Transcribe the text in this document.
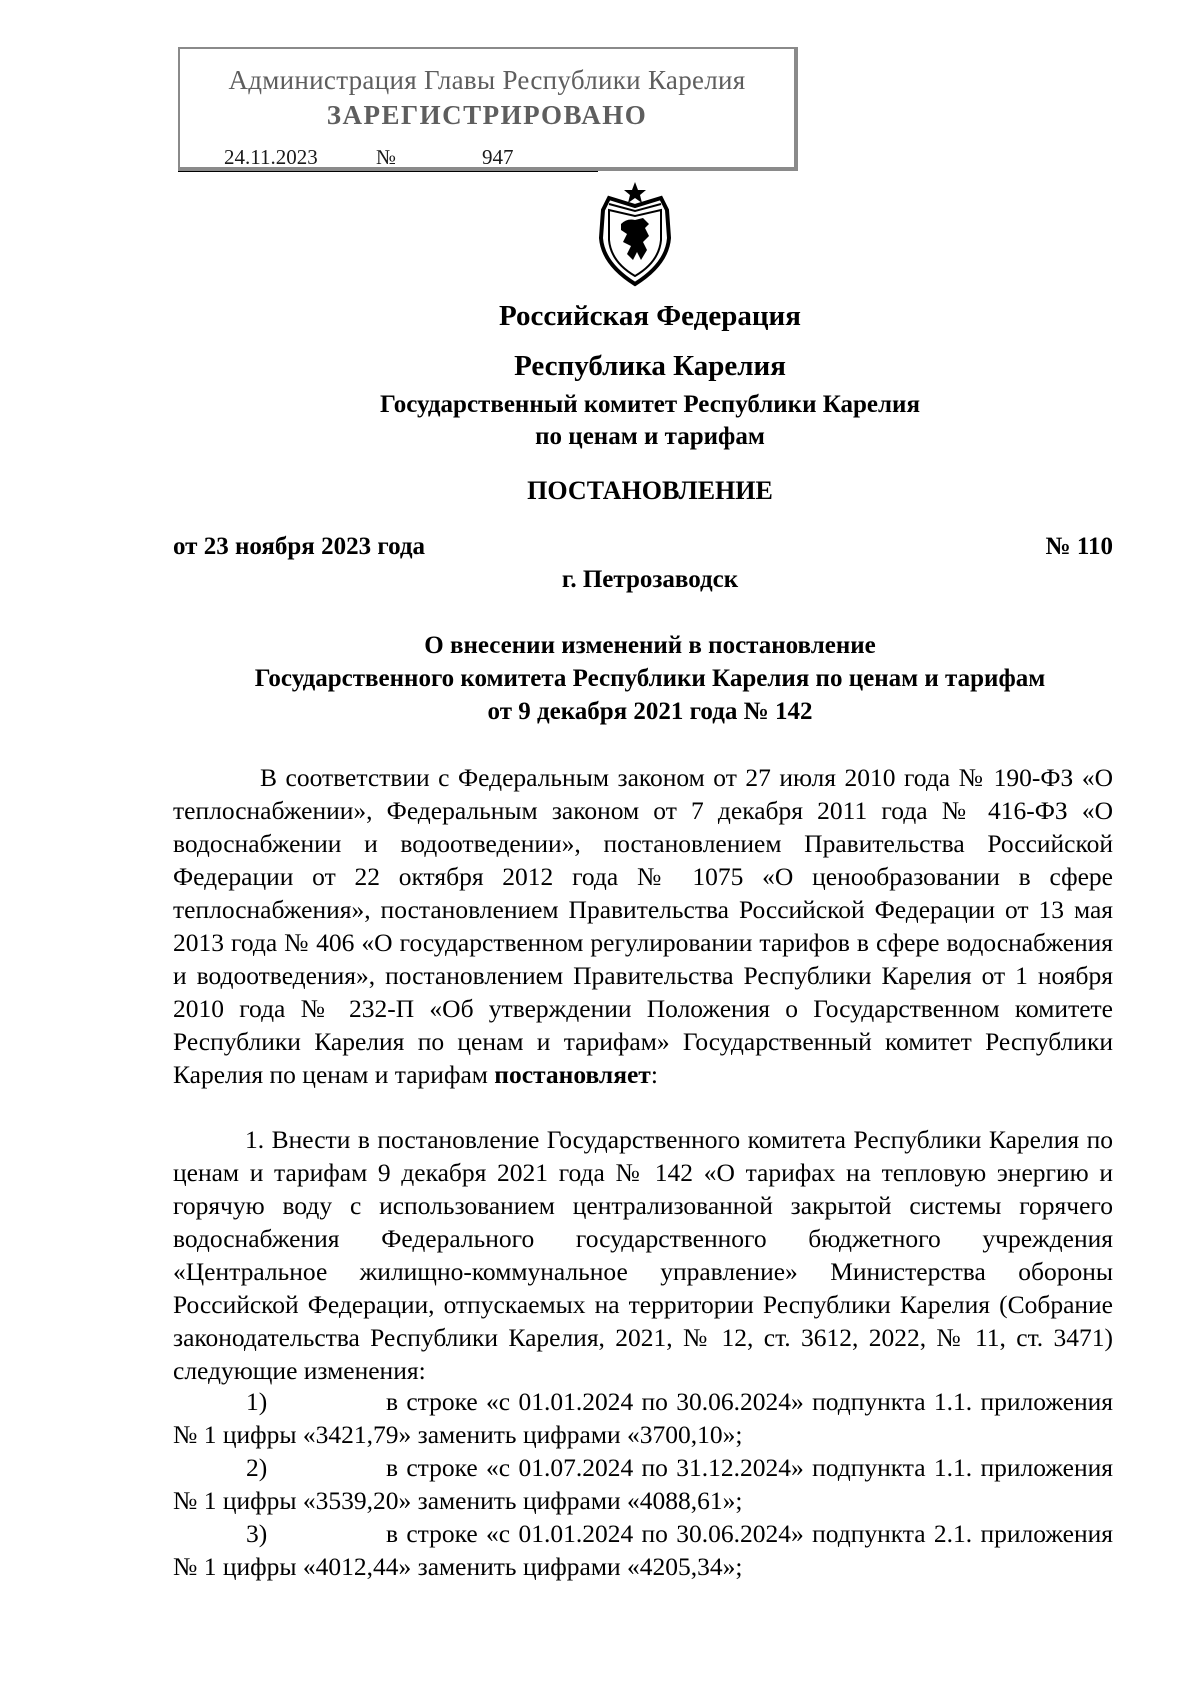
Администрация Главы Республики Карелия
ЗАРЕГИСТРИРОВАНО
24.11.2023	№	947
Российская Федерация
Республика Карелия
Государственный комитет Республики Карелия
по ценам и тарифам
ПОСТАНОВЛЕНИЕ
от 23 ноября 2023 года	№ 110
г. Петрозаводск
О внесении изменений в постановление
Государственного комитета Республики Карелия по ценам и тарифам
от 9 декабря 2021 года № 142

В соответствии с Федеральным законом от 27 июля 2010 года № 190-ФЗ «О теплоснабжении», Федеральным законом от 7 декабря 2011 года № 416-ФЗ «О водоснабжении и водоотведении», постановлением Правительства Российской Федерации от 22 октября 2012 года № 1075 «О ценообразовании в сфере теплоснабжения», постановлением Правительства Российской Федерации от 13 мая 2013 года № 406 «О государственном регулировании тарифов в сфере водоснабжения и водоотведения», постановлением Правительства Республики Карелия от 1 ноября 2010 года № 232-П «Об утверждении Положения о Государственном комитете Республики Карелия по ценам и тарифам» Государственный комитет Республики Карелия по ценам и тарифам постановляет:

1. Внести в постановление Государственного комитета Республики Карелия по ценам и тарифам 9 декабря 2021 года № 142 «О тарифах на тепловую энергию и горячую воду с использованием централизованной закрытой системы горячего водоснабжения Федерального государственного бюджетного учреждения «Центральное жилищно-коммунальное управление» Министерства обороны Российской Федерации, отпускаемых на территории Республики Карелия (Собрание законодательства Республики Карелия, 2021, № 12, ст. 3612, 2022, № 11, ст. 3471) следующие изменения:

1)	в строке «с 01.01.2024 по 30.06.2024» подпункта 1.1. приложения
№ 1 цифры «3421,79» заменить цифрами «3700,10»;
2)	в строке «с 01.07.2024 по 31.12.2024» подпункта 1.1. приложения
№ 1 цифры «3539,20» заменить цифрами «4088,61»;
3)	в строке «с 01.01.2024 по 30.06.2024» подпункта 2.1. приложения
№ 1 цифры «4012,44» заменить цифрами «4205,34»;
